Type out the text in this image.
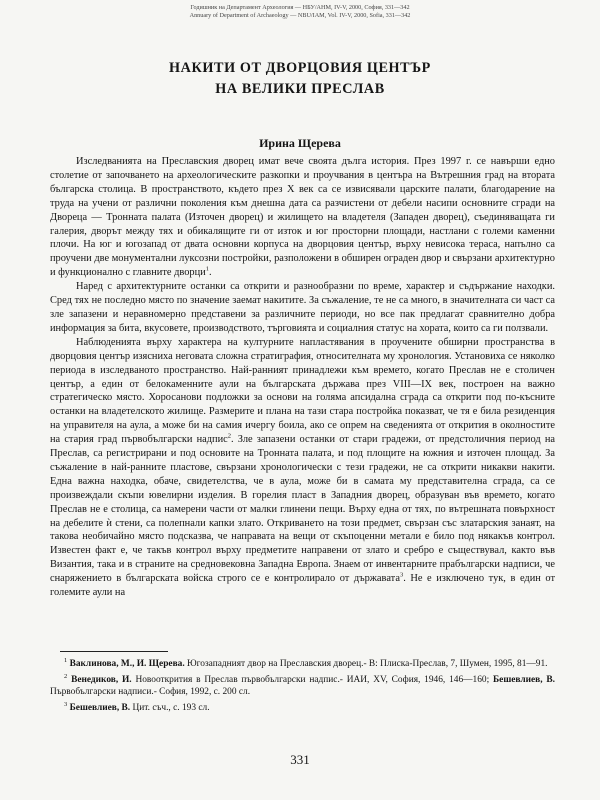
Годишник на Департамент Археология — НБУ/АНМ, IV-V, 2000, София, 331—342
Annuary of Department of Archaeology — NBU/IAM, Vol. IV-V, 2000, Sofia, 331—342
НАКИТИ ОТ ДВОРЦОВИЯ ЦЕНТЪР
НА ВЕЛИКИ ПРЕСЛАВ
Ирина Щерева

Изследванията на Преславския дворец имат вече своята дълга история. През 1997 г. се навърши едно столетие от започването на археологическите разкопки и проучвания в центъра на Вътрешния град на втората българска столица. В пространството, където през X век са се извисявали царските палати, благодарение на труда на учени от различни поколения към днешна дата са разчистени от дебели насипи основните сгради на Двореца — Тронната палата (Източен дворец) и жилището на владетеля (Западен дворец), съединяващата ги галерия, дворът между тях и обикалящите ги от изток и юг просторни площади, настлани с големи каменни плочи. На юг и югозапад от двата основни корпуса на дворцовия център, върху невисока тераса, напълно са проучени две монументални луксозни постройки, разположени в обширен ограден двор и свързани архитектурно и функционално с главните дворци$^1$.

Наред с архитектурните останки са открити и разнообразни по време, характер и съдържание находки. Сред тях не последно място по значение заемат накитите. За съжаление, те не са много, в значителната си част са зле запазени и неравномерно представени за различните периоди, но все пак предлагат сравнително добра информация за бита, вкусовете, производството, търговията и социалния статус на хората, които са ги ползвали.

Наблюденията върху характера на културните напластявания в проучените обширни пространства в дворцовия център изясниха неговата сложна стратиграфия, относителната му хронология. Установиха се няколко периода в изследваното пространство. Най-ранният принадлежи към времето, когато Преслав не е столичен център, а един от белокаменните аули на българската държава през VIII—IX век, построен на важно стратегическо място. Хоросанови подложки за основи на голяма апсидална сграда са открити под по-късните останки на владетелското жилище. Размерите и плана на тази стара постройка показват, че тя е била резиденция на управителя на аула, а може би на самия ичергу боила, ако се опрем на сведенията от открития в околностите на стария град първобългарски надпис$^2$. Зле запазени останки от стари градежи, от предстоличния период на Преслав, са регистрирани и под основите на Тронната палата, и под площите на южния и източен площад. За съжаление в най-ранните пластове, свързани хронологически с тези градежи, не са открити никакви накити. Една важна находка, обаче, свидетелства, че в аула, може би в самата му представителна сграда, са се произвеждали скъпи ювелирни изделия. В горелия пласт в Западния дворец, образуван във времето, когато Преслав не е столица, са намерени части от малки глинени пещи. Върху една от тях, по вътрешната повърхност на дебелите ѝ стени, са полепнали капки злато. Откриването на този предмет, свързан със златарския занаят, на такова необичайно място подсказва, че направата на вещи от скъпоценни метали е било под някакъв контрол. Известен факт е, че такъв контрол върху предметите направени от злато и сребро е съществувал, както във Византия, така и в страните на средновековна Западна Европа. Знаем от инвентарните прабългарски надписи, че снаряжението в българската войска строго се е контролирало от държавата$^3$. Не е изключено тук, в един от големите аули на

$^1$ Ваклинова, М., И. Щерева. Югозападният двор на Преславския дворец.- В: Плиска-Преслав, 7, Шумен, 1995, 81—91.

$^2$ Венедиков, И. Новооткрития в Преслав първобългарски надпис.- ИАИ, XV, София, 1946, 146—160; Бешевлиев, В. Първобългарски надписи.- София, 1992, с. 200 сл.

$^3$ Бешевлиев, В. Цит. съч., с. 193 сл.

331
